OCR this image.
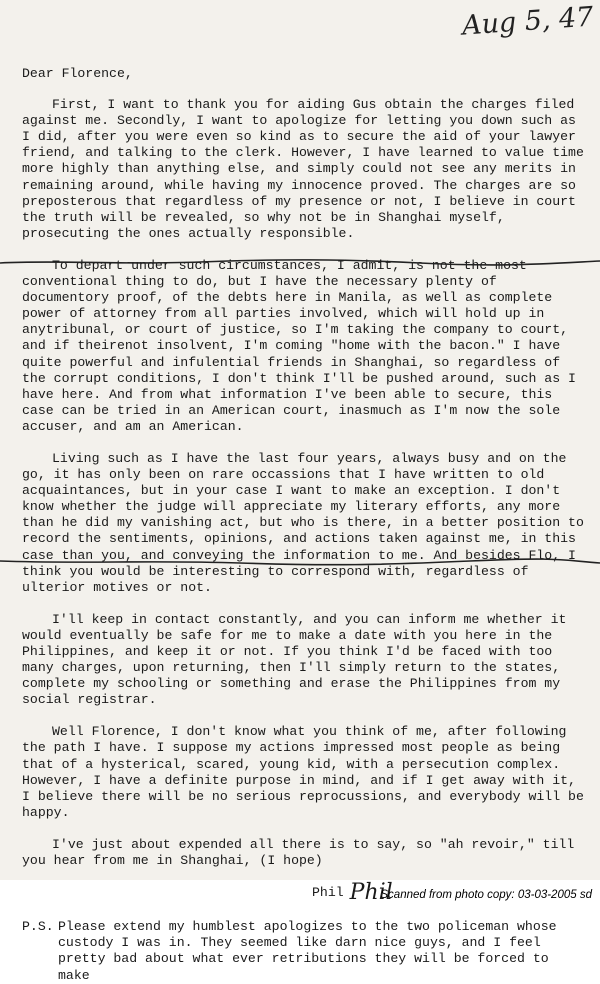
Aug 5, 47

Dear Florence,

First, I want to thank you for aiding Gus obtain the charges filed against me. Secondly, I want to apologize for letting you down such as I did, after you were even so kind as to secure the aid of your lawyer friend, and talking to the clerk. However, I have learned to value time more highly than anything else, and simply could not see any merits in remaining around, while having my innocence proved. The charges are so preposterous that regardless of my presence or not, I believe in court the truth will be revealed, so why not be in Shanghai myself, prosecuting the ones actually responsible.

To depart under such circumstances, I admit, is not the most conventional thing to do, but I have the necessary plenty of documentory proof, of the debts here in Manila, as well as complete power of attorney from all parties involved, which will hold up in anytribunal, or court of justice, so I'm taking the company to court, and if theirenot insolvent, I'm coming "home with the bacon." I have quite powerful and infulential friends in Shanghai, so regardless of the corrupt conditions, I don't think I'll be pushed around, such as I have here. And from what information I've been able to secure, this case can be tried in an American court, inasmuch as I'm now the sole accuser, and am an American.

Living such as I have the last four years, always busy and on the go, it has only been on rare occassions that I have written to old acquaintances, but in your case I want to make an exception. I don't know whether the judge will appreciate my literary efforts, any more than he did my vanishing act, but who is there, in a better position to record the sentiments, opinions, and actions taken against me, in this case than you, and conveying the information to me. And besides Flo, I think you would be interesting to correspond with, regardless of ulterior motives or not.

I'll keep in contact constantly, and you can inform me whether it would eventually be safe for me to make a date with you here in the Philippines, and keep it or not. If you think I'd be faced with too many charges, upon returning, then I'll simply return to the states, complete my schooling or something and erase the Philippines from my social registrar.

Well Florence, I don't know what you think of me, after following the path I have. I suppose my actions impressed most people as being that of a hysterical, scared, young kid, with a persecution complex. However, I have a definite purpose in mind, and if I get away with it, I believe there will be no serious reprocussions, and everybody will be happy.

I've just about expended all there is to say, so "ah revoir," till you hear from me in Shanghai, (I hope)

Phil Phil

P.S. Please extend my humblest apologizes to the two policeman whose custody I was in. They seemed like darn nice guys, and I feel pretty bad about what ever retributions they will be forced to make
Scanned from photo copy: 03-03-2005 sd
